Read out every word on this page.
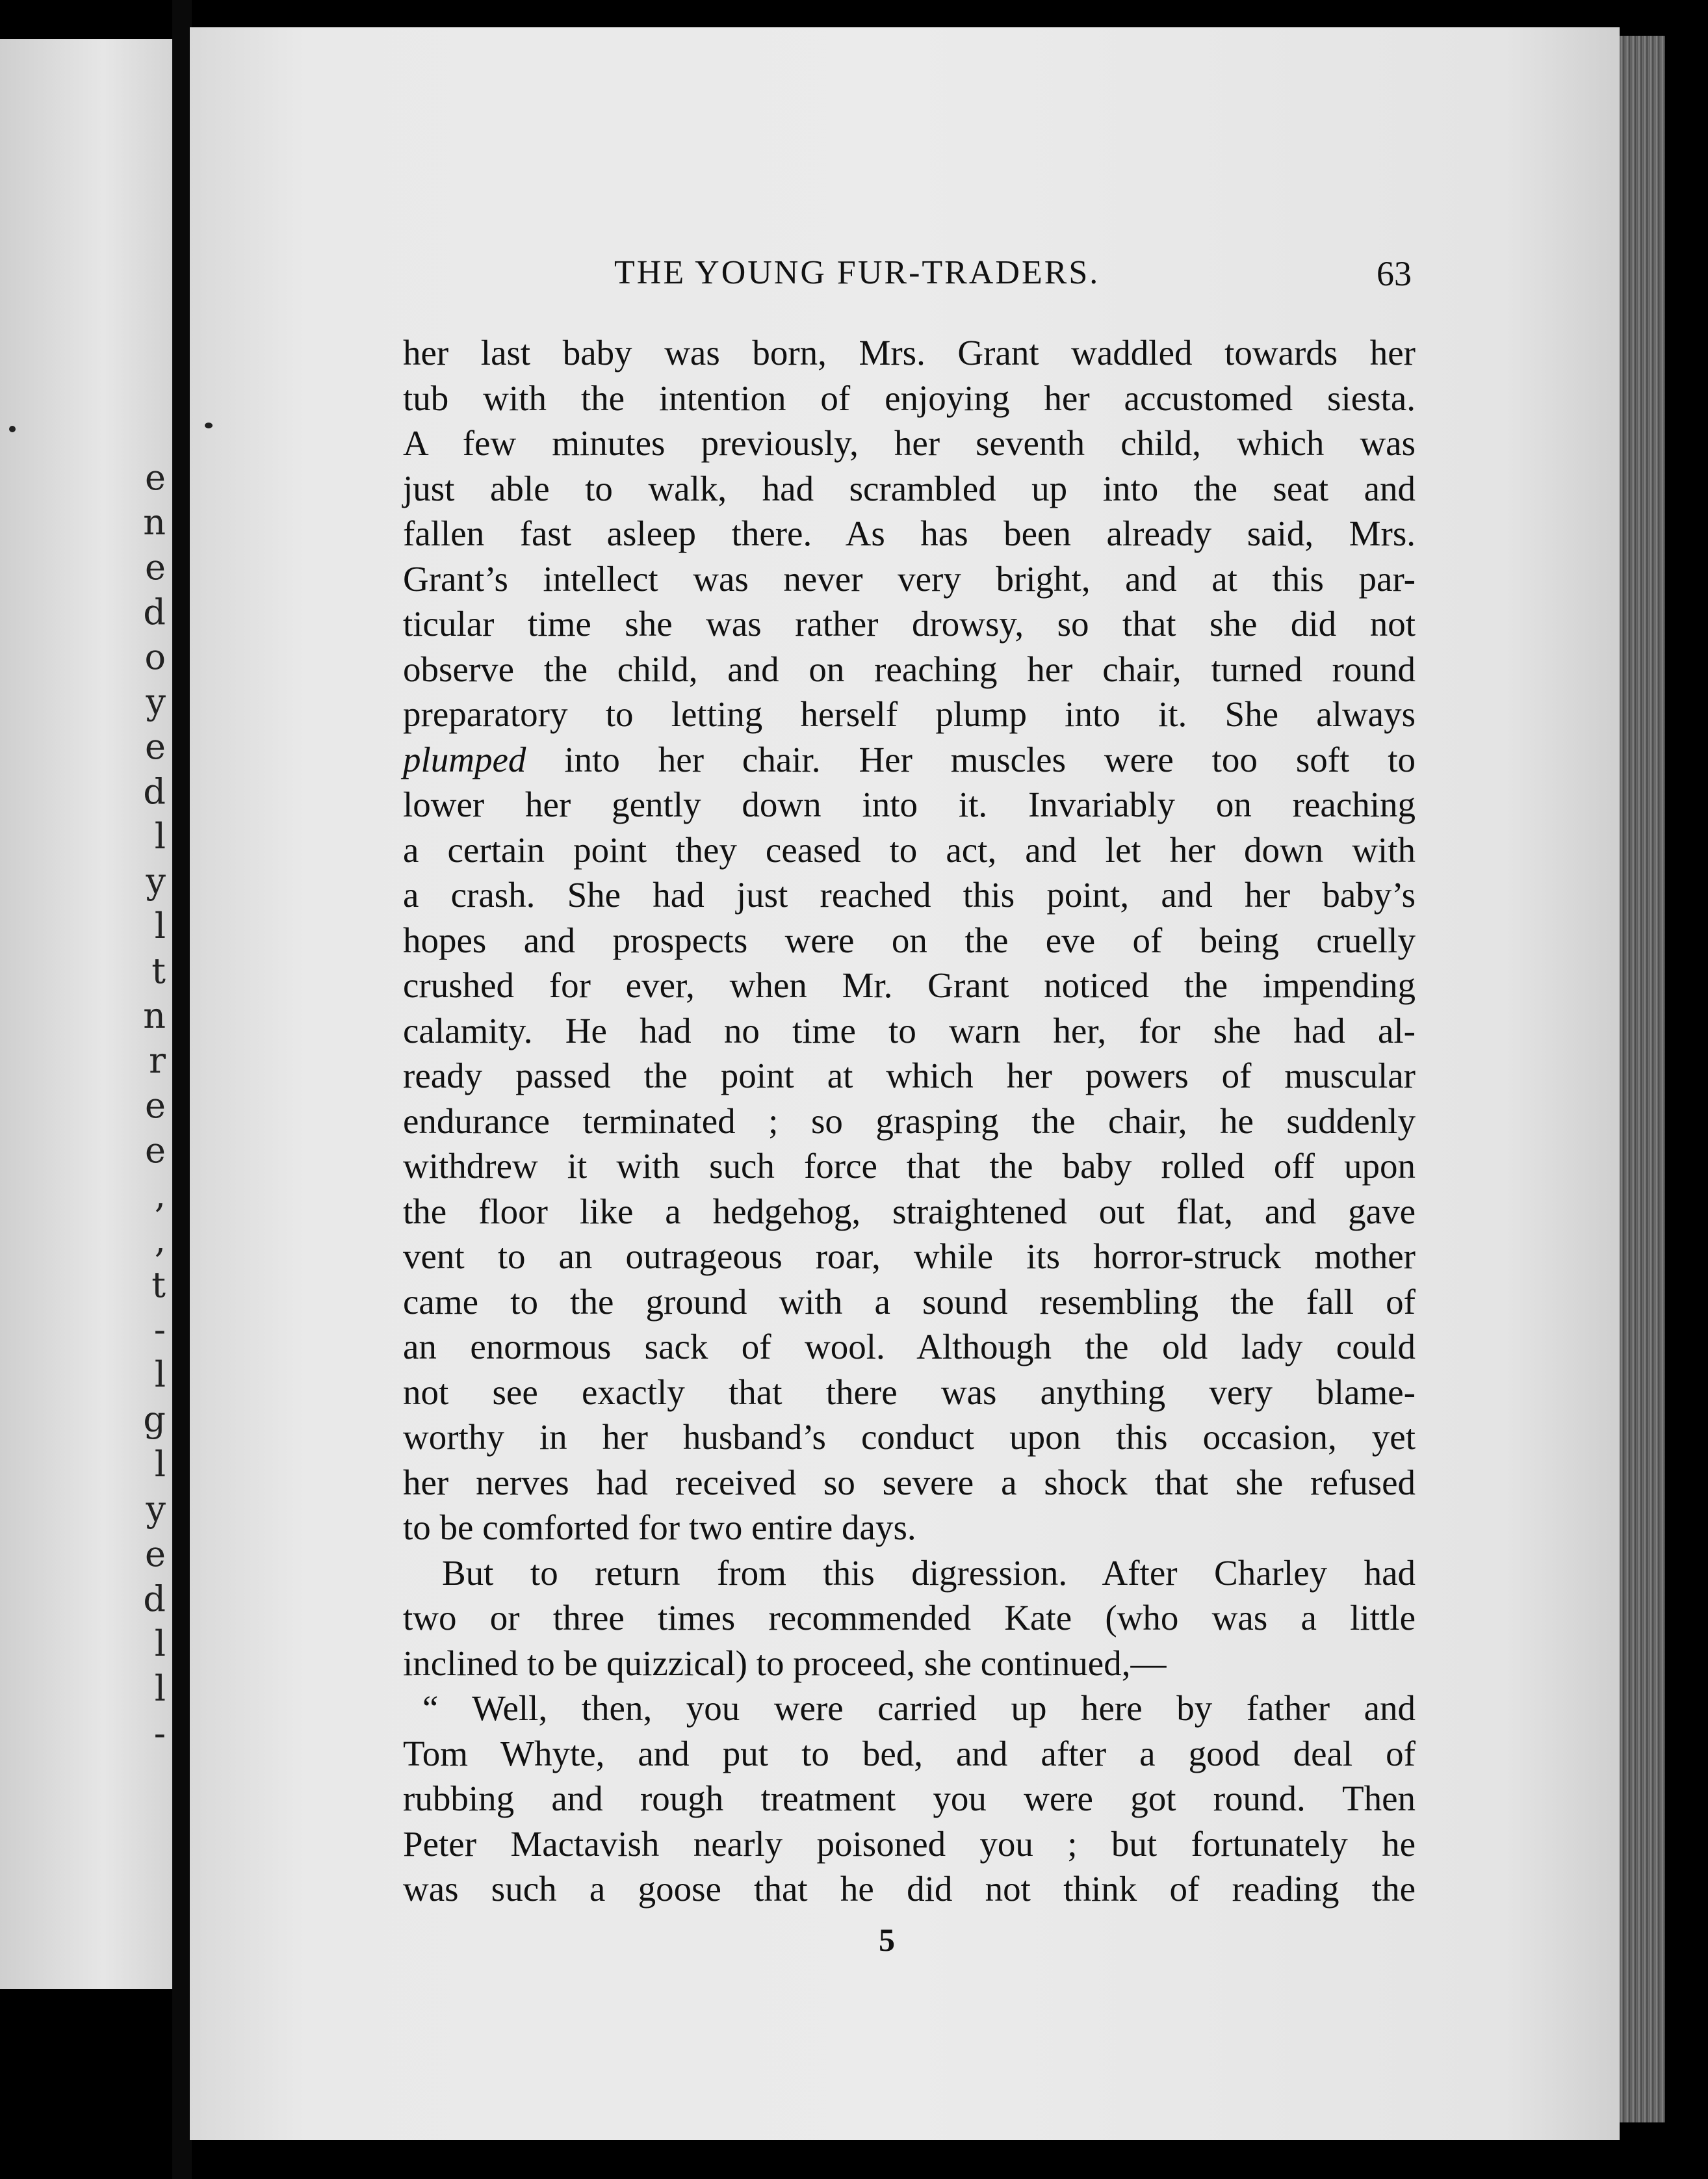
e
n
e
d
o
y
e
d
l
y
l
t
n
r
e
e
,
,
t
-
l
g
l
y
e
d
l
l
-
THE YOUNG FUR-TRADERS.	63
her last baby was born, Mrs. Grant waddled towards her
tub with the intention of enjoying her accustomed siesta.
A few minutes previously, her seventh child, which was
just able to walk, had scrambled up into the seat and
fallen fast asleep there. As has been already said, Mrs.
Grant’s intellect was never very bright, and at this par-
ticular time she was rather drowsy, so that she did not
observe the child, and on reaching her chair, turned round
preparatory to letting herself plump into it. She always
plumped into her chair. Her muscles were too soft to
lower her gently down into it. Invariably on reaching
a certain point they ceased to act, and let her down with
a crash. She had just reached this point, and her baby’s
hopes and prospects were on the eve of being cruelly
crushed for ever, when Mr. Grant noticed the impending
calamity. He had no time to warn her, for she had al-
ready passed the point at which her powers of muscular
endurance terminated ; so grasping the chair, he suddenly
withdrew it with such force that the baby rolled off upon
the floor like a hedgehog, straightened out flat, and gave
vent to an outrageous roar, while its horror-struck mother
came to the ground with a sound resembling the fall of
an enormous sack of wool. Although the old lady could
not see exactly that there was anything very blame-
worthy in her husband’s conduct upon this occasion, yet
her nerves had received so severe a shock that she refused
to be comforted for two entire days.
But to return from this digression. After Charley had
two or three times recommended Kate (who was a little
inclined to be quizzical) to proceed, she continued,—
“ Well, then, you were carried up here by father and
Tom Whyte, and put to bed, and after a good deal of
rubbing and rough treatment you were got round. Then
Peter Mactavish nearly poisoned you ; but fortunately he
was such a goose that he did not think of reading the
5
